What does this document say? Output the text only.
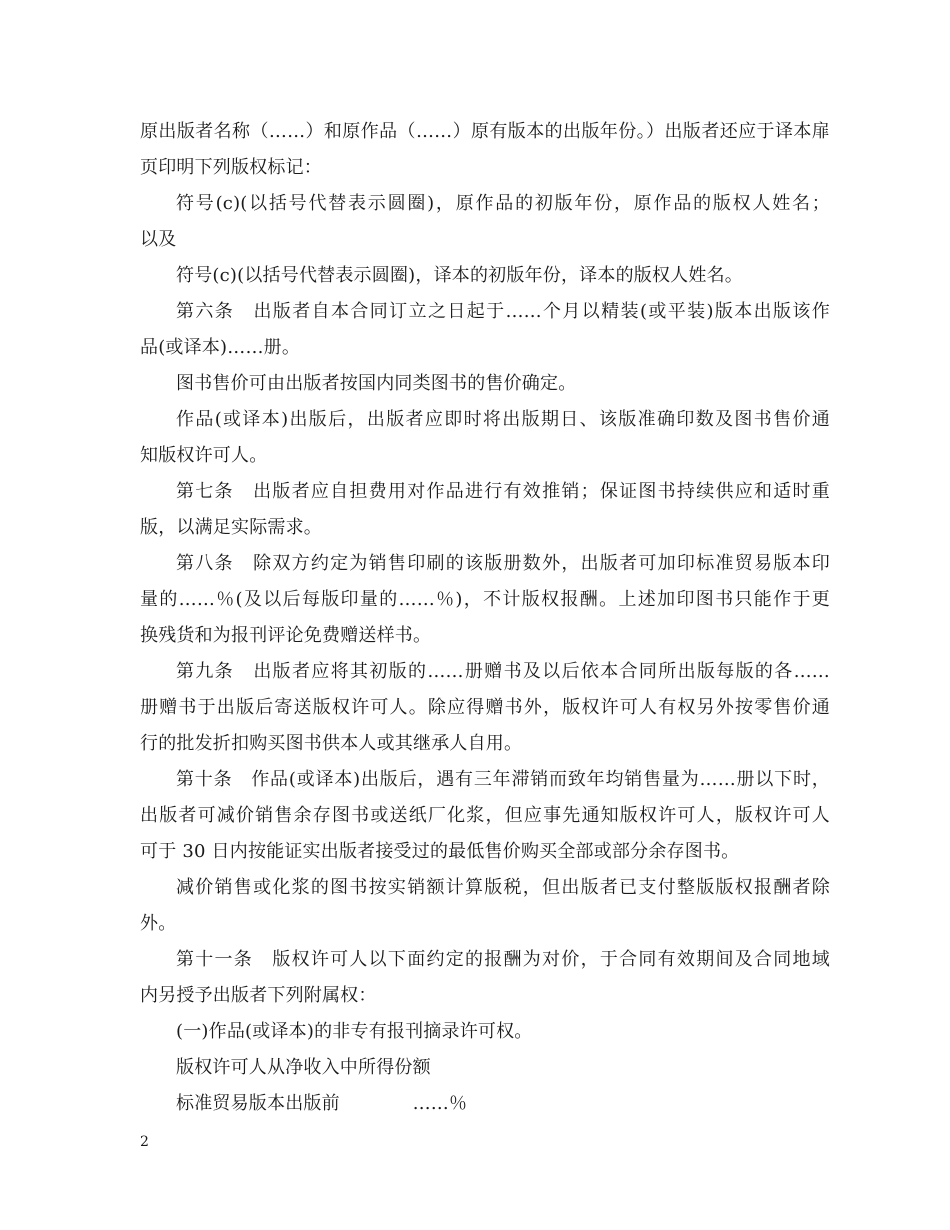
原出版者名称（……）和原作品（……）原有版本的出版年份。）出版者还应于译本扉
页印明下列版权标记：
符号(c)(以括号代替表示圆圈)，原作品的初版年份，原作品的版权人姓名；
以及
符号(c)(以括号代替表示圆圈)，译本的初版年份，译本的版权人姓名。
第六条　出版者自本合同订立之日起于……个月以精装(或平装)版本出版该作
品(或译本)……册。
图书售价可由出版者按国内同类图书的售价确定。
作品(或译本)出版后，出版者应即时将出版期日、该版准确印数及图书售价通
知版权许可人。
第七条　出版者应自担费用对作品进行有效推销；保证图书持续供应和适时重
版，以满足实际需求。
第八条　除双方约定为销售印刷的该版册数外，出版者可加印标准贸易版本印
量的……％(及以后每版印量的……％)，不计版权报酬。上述加印图书只能作于更
换残货和为报刊评论免费赠送样书。
第九条　出版者应将其初版的……册赠书及以后依本合同所出版每版的各……
册赠书于出版后寄送版权许可人。除应得赠书外，版权许可人有权另外按零售价通
行的批发折扣购买图书供本人或其继承人自用。
第十条　作品(或译本)出版后，遇有三年滞销而致年均销售量为……册以下时，
出版者可减价销售余存图书或送纸厂化浆，但应事先通知版权许可人，版权许可人
可于 30 日内按能证实出版者接受过的最低售价购买全部或部分余存图书。
减价销售或化浆的图书按实销额计算版税，但出版者已支付整版版权报酬者除
外。
第十一条　版权许可人以下面约定的报酬为对价，于合同有效期间及合同地域
内另授予出版者下列附属权：
(一)作品(或译本)的非专有报刊摘录许可权。
版权许可人从净收入中所得份额
标准贸易版本出版前　　　　……％
2
